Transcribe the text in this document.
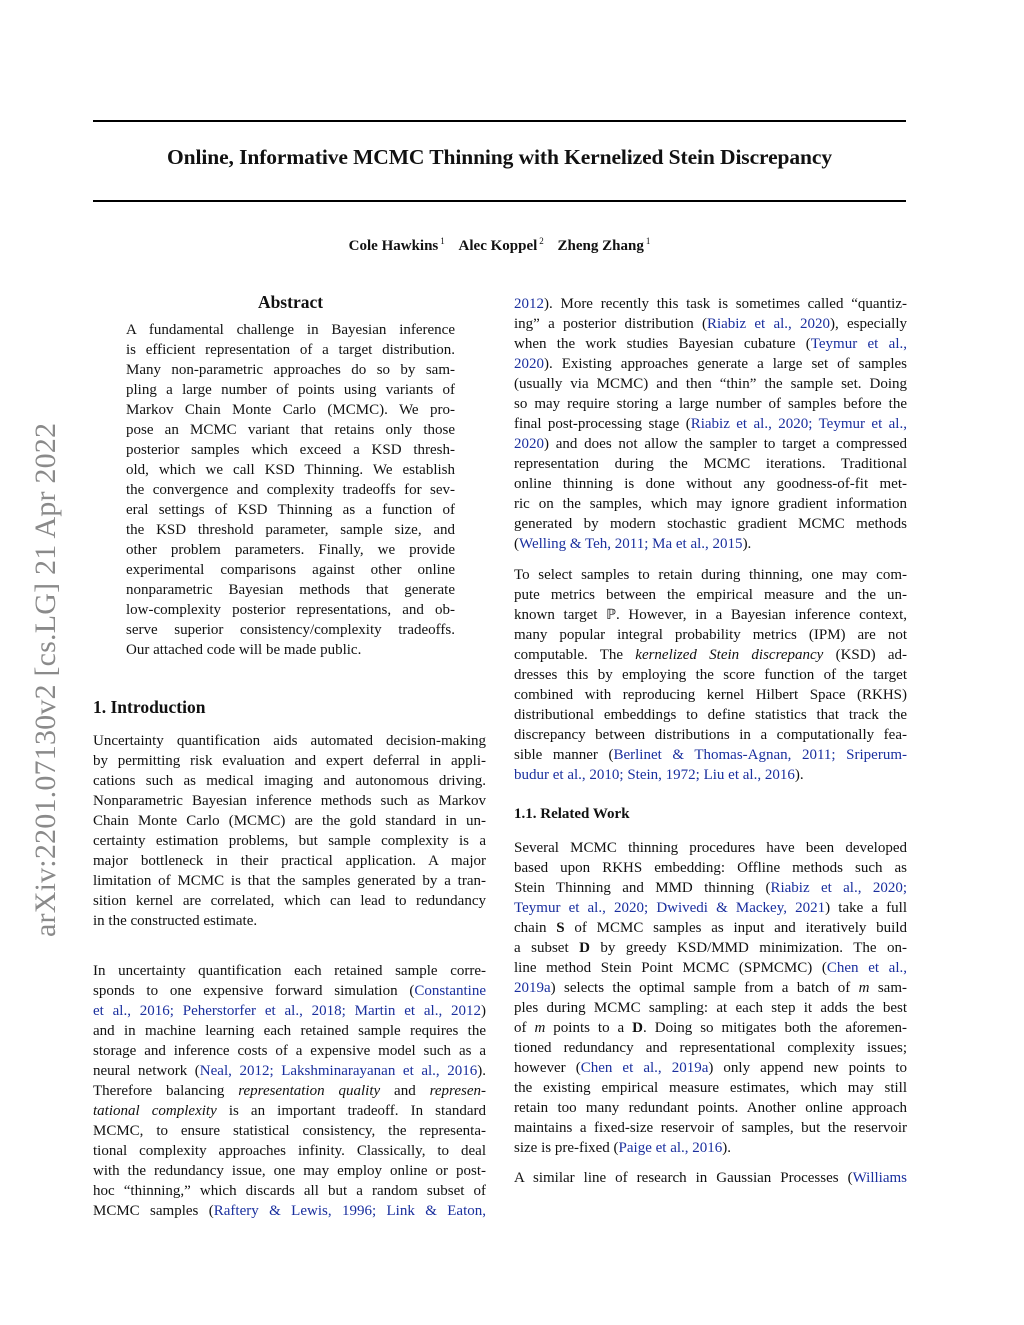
arXiv:2201.07130v2 [cs.LG] 21 Apr 2022
Online, Informative MCMC Thinning with Kernelized Stein Discrepancy
Cole Hawkins $^1$ Alec Koppel $^2$ Zheng Zhang $^1$
Abstract
A fundamental challenge in Bayesian inference
is efficient representation of a target distribution.
Many non-parametric approaches do so by sam-
pling a large number of points using variants of
Markov Chain Monte Carlo (MCMC). We pro-
pose an MCMC variant that retains only those
posterior samples which exceed a KSD thresh-
old, which we call KSD Thinning. We establish
the convergence and complexity tradeoffs for sev-
eral settings of KSD Thinning as a function of
the KSD threshold parameter, sample size, and
other problem parameters. Finally, we provide
experimental comparisons against other online
nonparametric Bayesian methods that generate
low-complexity posterior representations, and ob-
serve superior consistency/complexity tradeoffs.
Our attached code will be made public.
1. Introduction
Uncertainty quantification aids automated decision-making
by permitting risk evaluation and expert deferral in appli-
cations such as medical imaging and autonomous driving.
Nonparametric Bayesian inference methods such as Markov
Chain Monte Carlo (MCMC) are the gold standard in un-
certainty estimation problems, but sample complexity is a
major bottleneck in their practical application. A major
limitation of MCMC is that the samples generated by a tran-
sition kernel are correlated, which can lead to redundancy
in the constructed estimate.
In uncertainty quantification each retained sample corre-
sponds to one expensive forward simulation (Constantine
et al., 2016; Peherstorfer et al., 2018; Martin et al., 2012)
and in machine learning each retained sample requires the
storage and inference costs of a expensive model such as a
neural network (Neal, 2012; Lakshminarayanan et al., 2016).
Therefore balancing representation quality and represen-
tational complexity is an important tradeoff. In standard
MCMC, to ensure statistical consistency, the representa-
tional complexity approaches infinity. Classically, to deal
with the redundancy issue, one may employ online or post-
hoc “thinning,” which discards all but a random subset of
MCMC samples (Raftery & Lewis, 1996; Link & Eaton,
2012). More recently this task is sometimes called “quantiz-
ing” a posterior distribution (Riabiz et al., 2020), especially
when the work studies Bayesian cubature (Teymur et al.,
2020). Existing approaches generate a large set of samples
(usually via MCMC) and then “thin” the sample set. Doing
so may require storing a large number of samples before the
final post-processing stage (Riabiz et al., 2020; Teymur et al.,
2020) and does not allow the sampler to target a compressed
representation during the MCMC iterations. Traditional
online thinning is done without any goodness-of-fit met-
ric on the samples, which may ignore gradient information
generated by modern stochastic gradient MCMC methods
(Welling & Teh, 2011; Ma et al., 2015).
To select samples to retain during thinning, one may com-
pute metrics between the empirical measure and the un-
known target ℙ. However, in a Bayesian inference context,
many popular integral probability metrics (IPM) are not
computable. The kernelized Stein discrepancy (KSD) ad-
dresses this by employing the score function of the target
combined with reproducing kernel Hilbert Space (RKHS)
distributional embeddings to define statistics that track the
discrepancy between distributions in a computationally fea-
sible manner (Berlinet & Thomas-Agnan, 2011; Sriperum-
budur et al., 2010; Stein, 1972; Liu et al., 2016).
1.1. Related Work
Several MCMC thinning procedures have been developed
based upon RKHS embedding: Offline methods such as
Stein Thinning and MMD thinning (Riabiz et al., 2020;
Teymur et al., 2020; Dwivedi & Mackey, 2021) take a full
chain S of MCMC samples as input and iteratively build
a subset D by greedy KSD/MMD minimization. The on-
line method Stein Point MCMC (SPMCMC) (Chen et al.,
2019a) selects the optimal sample from a batch of m sam-
ples during MCMC sampling: at each step it adds the best
of m points to a D. Doing so mitigates both the aforemen-
tioned redundancy and representational complexity issues;
however (Chen et al., 2019a) only append new points to
the existing empirical measure estimates, which may still
retain too many redundant points. Another online approach
maintains a fixed-size reservoir of samples, but the reservoir
size is pre-fixed (Paige et al., 2016).
A similar line of research in Gaussian Processes (Williams
